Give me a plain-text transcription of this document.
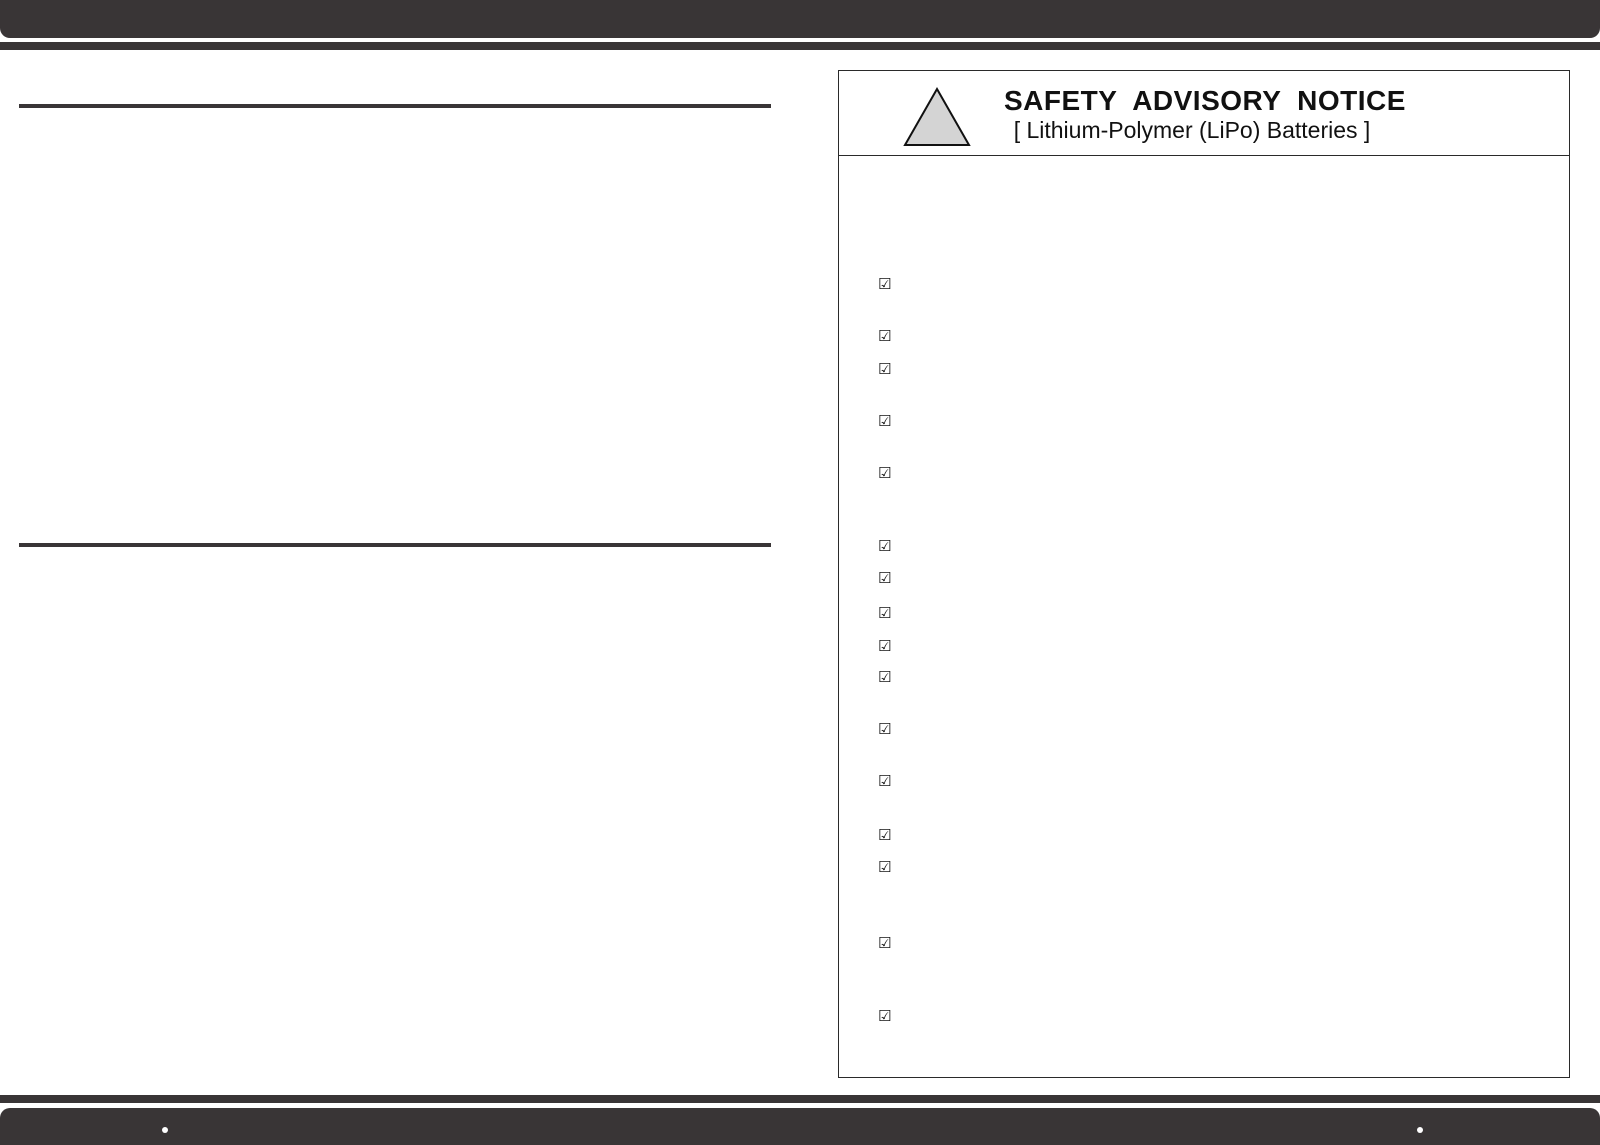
SAFETY ADVISORY NOTICE
[ Lithium-Polymer (LiPo) Batteries ]
☑
☑
☑
☑
☑
☑
☑
☑
☑
☑
☑
☑
☑
☑
☑
☑
